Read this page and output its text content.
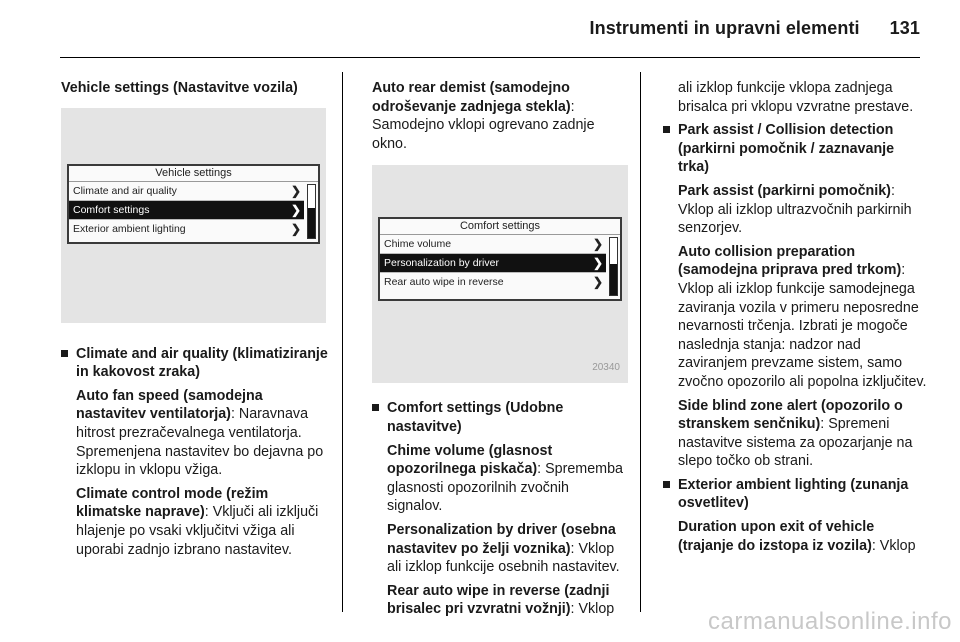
Instrumenti in upravni elementi 131

Vehicle settings (Nastavitve vozila)

Vehicle settings
Climate and air quality	❯
Comfort settings	❯
Exterior ambient lighting	❯
Climate and air quality (klimatiziranje in kakovost zraka)

Auto fan speed (samodejna nastavitev ventilatorja): Naravnava hitrost prezračevalnega ventilatorja. Spremenjena nastavitev bo dejavna po izklopu in vklopu vžiga.

Climate control mode (režim klimatske naprave): Vključi ali izključi hlajenje po vsaki vključitvi vžiga ali uporabi zadnjo izbrano nastavitev.

Auto rear demist (samodejno odroševanje zadnjega stekla): Samodejno vklopi ogrevano zadnje okno.

Comfort settings
Chime volume	❯
Personalization by driver	❯
Rear auto wipe in reverse	❯
20340
Comfort settings (Udobne nastavitve)

Chime volume (glasnost opozorilnega piskača): Sprememba glasnosti opozorilnih zvočnih signalov.

Personalization by driver (osebna nastavitev po želji voznika): Vklop ali izklop funkcije osebnih nastavitev.

Rear auto wipe in reverse (zadnji brisalec pri vzvratni vožnji): Vklop

ali izklop funkcije vklopa zadnjega brisalca pri vklopu vzvratne prestave.

Park assist / Collision detection (parkirni pomočnik / zaznavanje trka)

Park assist (parkirni pomočnik): Vklop ali izklop ultrazvočnih parkirnih senzorjev.

Auto collision preparation (samodejna priprava pred trkom): Vklop ali izklop funkcije samodejnega zaviranja vozila v primeru neposredne nevarnosti trčenja. Izbrati je mogoče naslednja stanja: nadzor nad zaviranjem prevzame sistem, samo zvočno opozorilo ali popolna izključitev.

Side blind zone alert (opozorilo o stranskem senčniku): Spremeni nastavitve sistema za opozarjanje na slepo točko ob strani.

Exterior ambient lighting (zunanja osvetlitev)

Duration upon exit of vehicle (trajanje do izstopa iz vozila): Vklop

carmanualsonline.info
